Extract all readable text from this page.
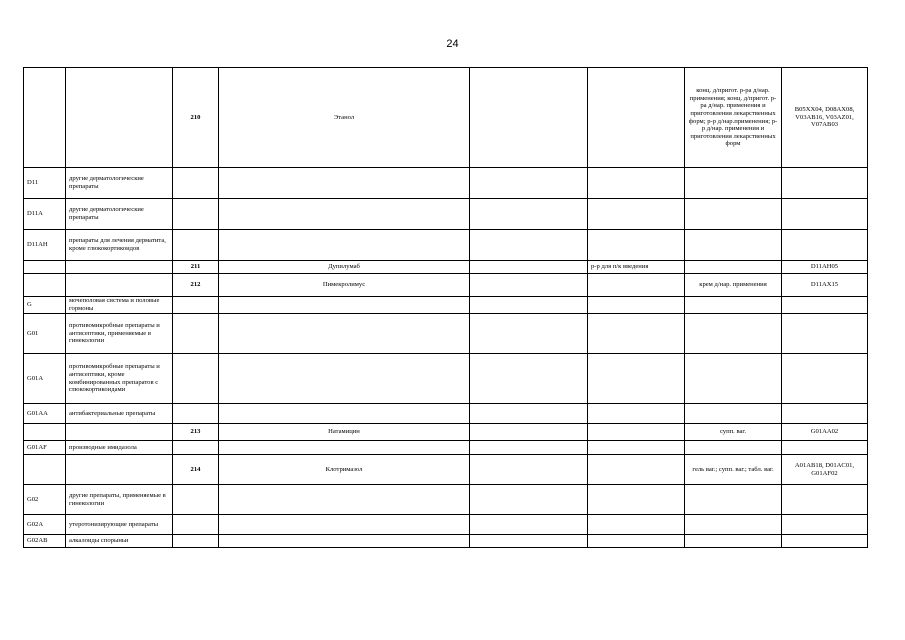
24
		210	Этанол			конц. д/пригот. р-ра д/нар. применения; конц. д/пригот. р-ра д/нар. применения и приготовления лекарственных форм; р-р д/нар.применения; р-р д/нар. применения и приготовления лекарственных форм	B05XX04, D08AX08, V03AB16, V03AZ01, V07AB03
D11	другие дерматологические препараты						
D11A	другие дерматологические препараты						
D11AH	препараты для лечения дерматита, кроме глюкокортикоидов						
		211	Дупилумаб		р-р для п/к введения		D11AH05
		212	Пимекролимус			крем д/нар. применения	D11AX15
G	мочеполовая система и половые гормоны						
G01	противомикробные препараты и антисептики, применяемые в гинекологии						
G01A	противомикробные препараты и антисептики, кроме комбинированных препаратов с глюкокортикоидами						
G01AA	антибактериальные препараты						
		213	Натамицин			супп. ваг.	G01AA02
G01AF	производные имидазола						
		214	Клотримазол			гель ваг.; супп. ваг.; табл. ваг.	A01AB18, D01AC01, G01AF02
G02	другие препараты, применяемые в гинекологии						
G02A	утеротонизирующие препараты						
G02AB	алкалоиды спорыньи						
